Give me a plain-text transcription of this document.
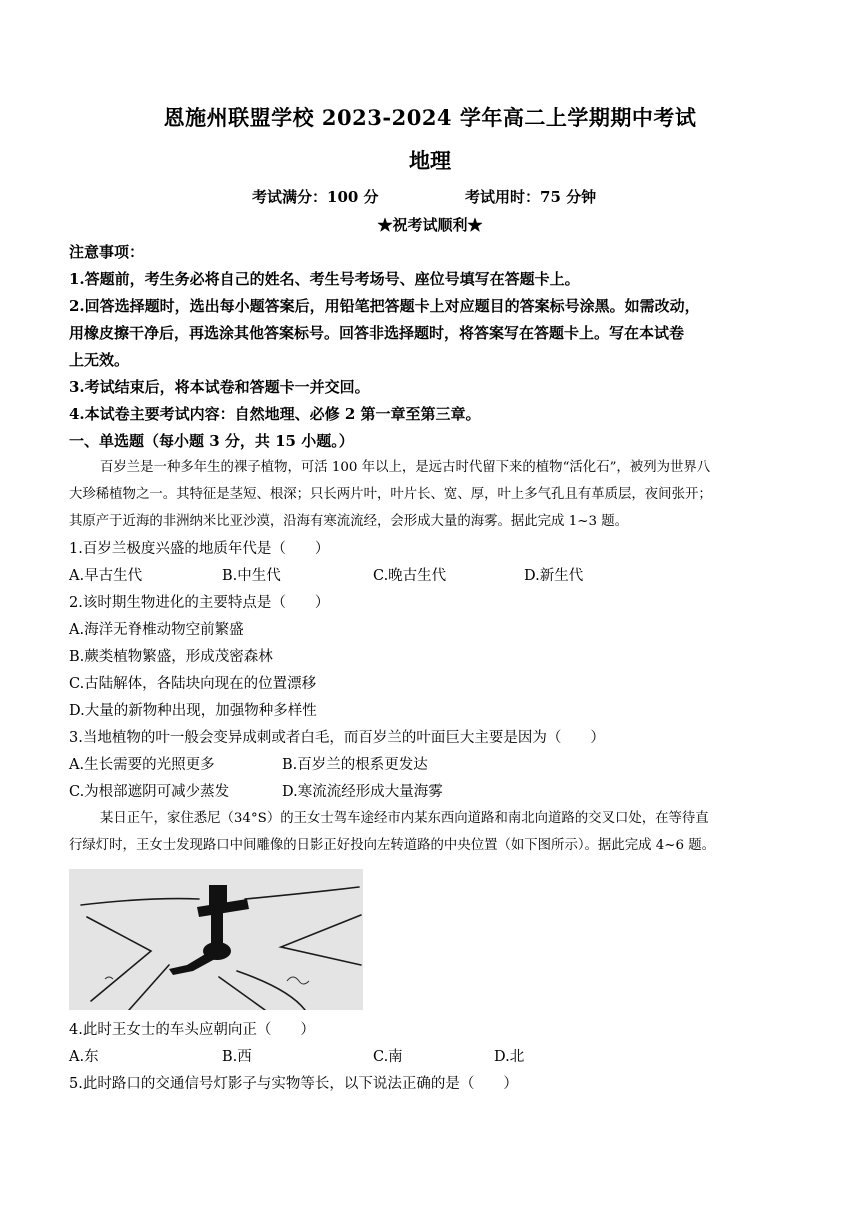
恩施州联盟学校 2023-2024 学年高二上学期期中考试
地理
考试满分：100 分	考试用时：75 分钟
★祝考试顺利★
注意事项：
1.答题前，考生务必将自己的姓名、考生号考场号、座位号填写在答题卡上。
2.回答选择题时，选出每小题答案后，用铅笔把答题卡上对应题目的答案标号涂黑。如需改动，
用橡皮擦干净后，再选涂其他答案标号。回答非选择题时，将答案写在答题卡上。写在本试卷
上无效。
3.考试结束后，将本试卷和答题卡一并交回。
4.本试卷主要考试内容：自然地理、必修 2 第一章至第三章。
一、单选题（每小题 3 分，共 15 小题。）
百岁兰是一种多年生的裸子植物，可活 100 年以上，是远古时代留下来的植物“活化石”，被列为世界八
大珍稀植物之一。其特征是茎短、根深；只长两片叶，叶片长、宽、厚，叶上多气孔且有革质层，夜间张开；
其原产于近海的非洲纳米比亚沙漠，沿海有寒流流经，会形成大量的海雾。据此完成 1~3 题。
1.百岁兰极度兴盛的地质年代是（　　）
A.早古生代	B.中生代	C.晚古生代	D.新生代
2.该时期生物进化的主要特点是（　　）
A.海洋无脊椎动物空前繁盛
B.蕨类植物繁盛，形成茂密森林
C.古陆解体，各陆块向现在的位置漂移
D.大量的新物种出现，加强物种多样性
3.当地植物的叶一般会变异成刺或者白毛，而百岁兰的叶面巨大主要是因为（　　）
A.生长需要的光照更多	B.百岁兰的根系更发达
C.为根部遮阴可减少蒸发	D.寒流流经形成大量海雾
某日正午，家住悉尼（34°S）的王女士驾车途经市内某东西向道路和南北向道路的交叉口处，在等待直
行绿灯时，王女士发现路口中间雕像的日影正好投向左转道路的中央位置（如下图所示）。据此完成 4~6 题。
4.此时王女士的车头应朝向正（　　）
A.东	B.西	C.南	D.北
5.此时路口的交通信号灯影子与实物等长，以下说法正确的是（　　）
